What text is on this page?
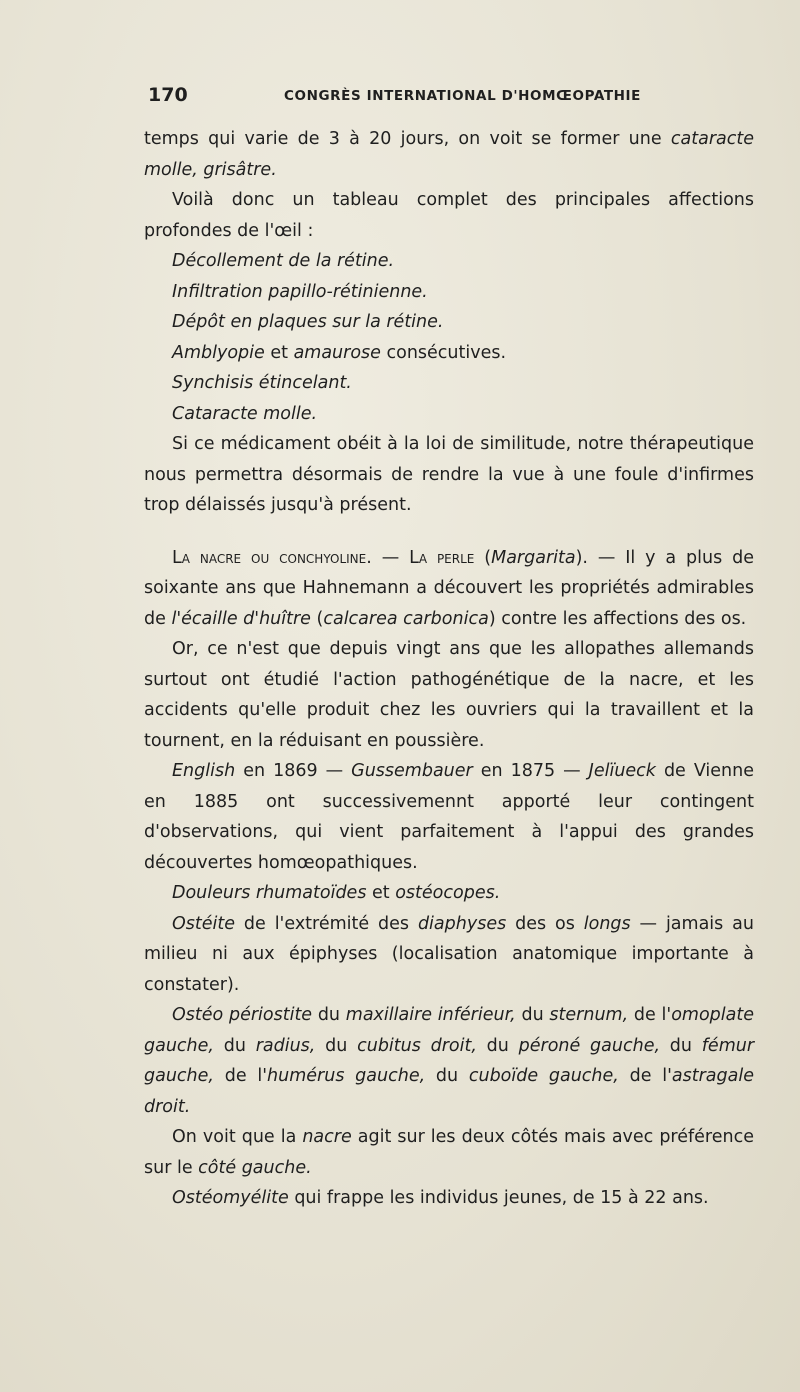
170	CONGRÈS INTERNATIONAL D'HOMŒOPATHIE

temps qui varie de 3 à 20 jours, on voit se former une cataracte molle, grisâtre.

Voilà donc un tableau complet des principales affections profondes de l'œil :

Décollement de la rétine.

Infiltration papillo-rétinienne.

Dépôt en plaques sur la rétine.

Amblyopie et amaurose consécutives.

Synchisis étincelant.

Cataracte molle.

Si ce médicament obéit à la loi de similitude, notre thérapeutique nous permettra désormais de rendre la vue à une foule d'infirmes trop délaissés jusqu'à présent.

La nacre ou conchyoline. — La perle (Margarita). — Il y a plus de soixante ans que Hahnemann a découvert les propriétés admirables de l'écaille d'huître (calcarea carbonica) contre les affections des os.

Or, ce n'est que depuis vingt ans que les allopathes allemands surtout ont étudié l'action pathogénétique de la nacre, et les accidents qu'elle produit chez les ouvriers qui la travaillent et la tournent, en la réduisant en poussière.

English en 1869 — Gussembauer en 1875 — Jelïueck de Vienne en 1885 ont successivemennt apporté leur contingent d'observations, qui vient parfaitement à l'appui des grandes découvertes homœopathiques.

Douleurs rhumatoïdes et ostéocopes.

Ostéite de l'extrémité des diaphyses des os longs — jamais au milieu ni aux épiphyses (localisation anatomique importante à constater).

Ostéo périostite du maxillaire inférieur, du sternum, de l'omoplate gauche, du radius, du cubitus droit, du péroné gauche, du fémur gauche, de l'humérus gauche, du cuboïde gauche, de l'astragale droit.

On voit que la nacre agit sur les deux côtés mais avec préférence sur le côté gauche.

Ostéomyélite qui frappe les individus jeunes, de 15 à 22 ans.
